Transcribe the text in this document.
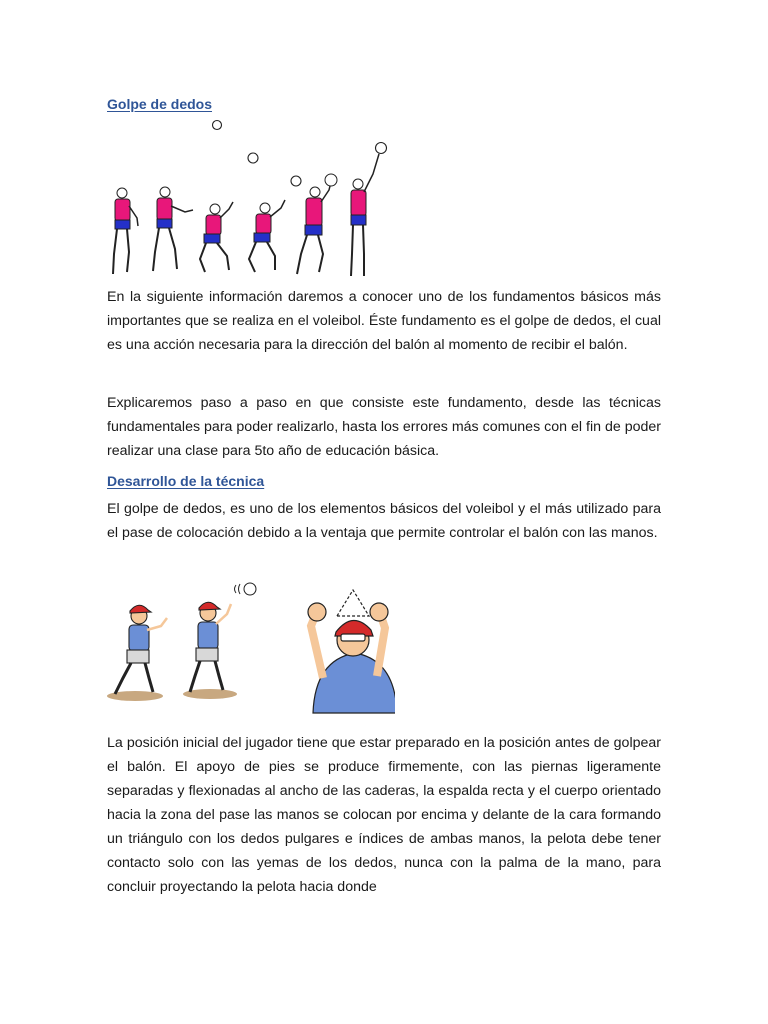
Golpe de dedos

En la siguiente información daremos a conocer uno de los fundamentos básicos más importantes que se realiza en el voleibol. Éste fundamento es el golpe de dedos, el cual es una acción necesaria para la dirección del balón al momento de recibir el balón.

Explicaremos paso a paso en que consiste este fundamento, desde las técnicas fundamentales para poder realizarlo, hasta los errores más comunes con el fin de poder realizar una clase para 5to año de educación básica.

Desarrollo de la técnica

El golpe de dedos, es uno de los elementos básicos del voleibol y el más utilizado para el pase de colocación debido a la ventaja que permite controlar el balón con las manos.

La posición inicial del jugador tiene que estar preparado en la posición antes de golpear el balón. El apoyo de pies se produce firmemente, con las piernas ligeramente separadas y flexionadas al ancho de las caderas, la espalda recta y el cuerpo orientado hacia la zona del pase las manos se colocan por encima y delante de la cara formando un triángulo con los dedos pulgares e índices de ambas manos, la pelota debe tener contacto solo con las yemas de los dedos, nunca con la palma de la mano, para concluir proyectando la pelota hacia donde
